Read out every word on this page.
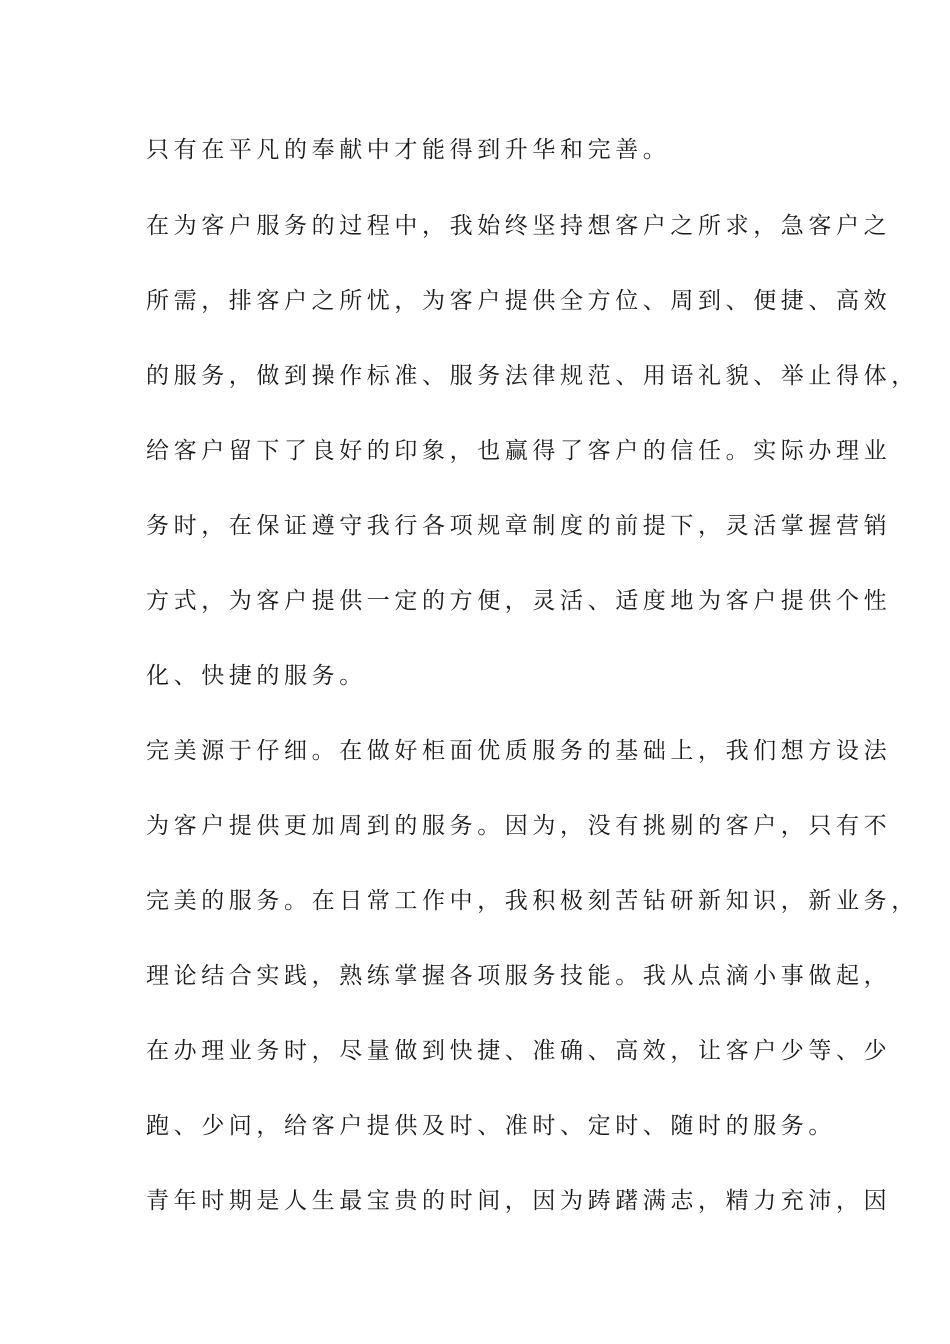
只有在平凡的奉献中才能得到升华和完善。
在为客户服务的过程中，我始终坚持想客户之所求，急客户之
所需，排客户之所忧，为客户提供全方位、周到、便捷、高效
的服务，做到操作标准、服务法律规范、用语礼貌、举止得体，
给客户留下了良好的印象，也赢得了客户的信任。实际办理业
务时，在保证遵守我行各项规章制度的前提下，灵活掌握营销
方式，为客户提供一定的方便，灵活、适度地为客户提供个性
化、快捷的服务。
完美源于仔细。在做好柜面优质服务的基础上，我们想方设法
为客户提供更加周到的服务。因为，没有挑剔的客户，只有不
完美的服务。在日常工作中，我积极刻苦钻研新知识，新业务，
理论结合实践，熟练掌握各项服务技能。我从点滴小事做起，
在办理业务时，尽量做到快捷、准确、高效，让客户少等、少
跑、少问，给客户提供及时、准时、定时、随时的服务。
青年时期是人生最宝贵的时间，因为踌躇满志，精力充沛，因
